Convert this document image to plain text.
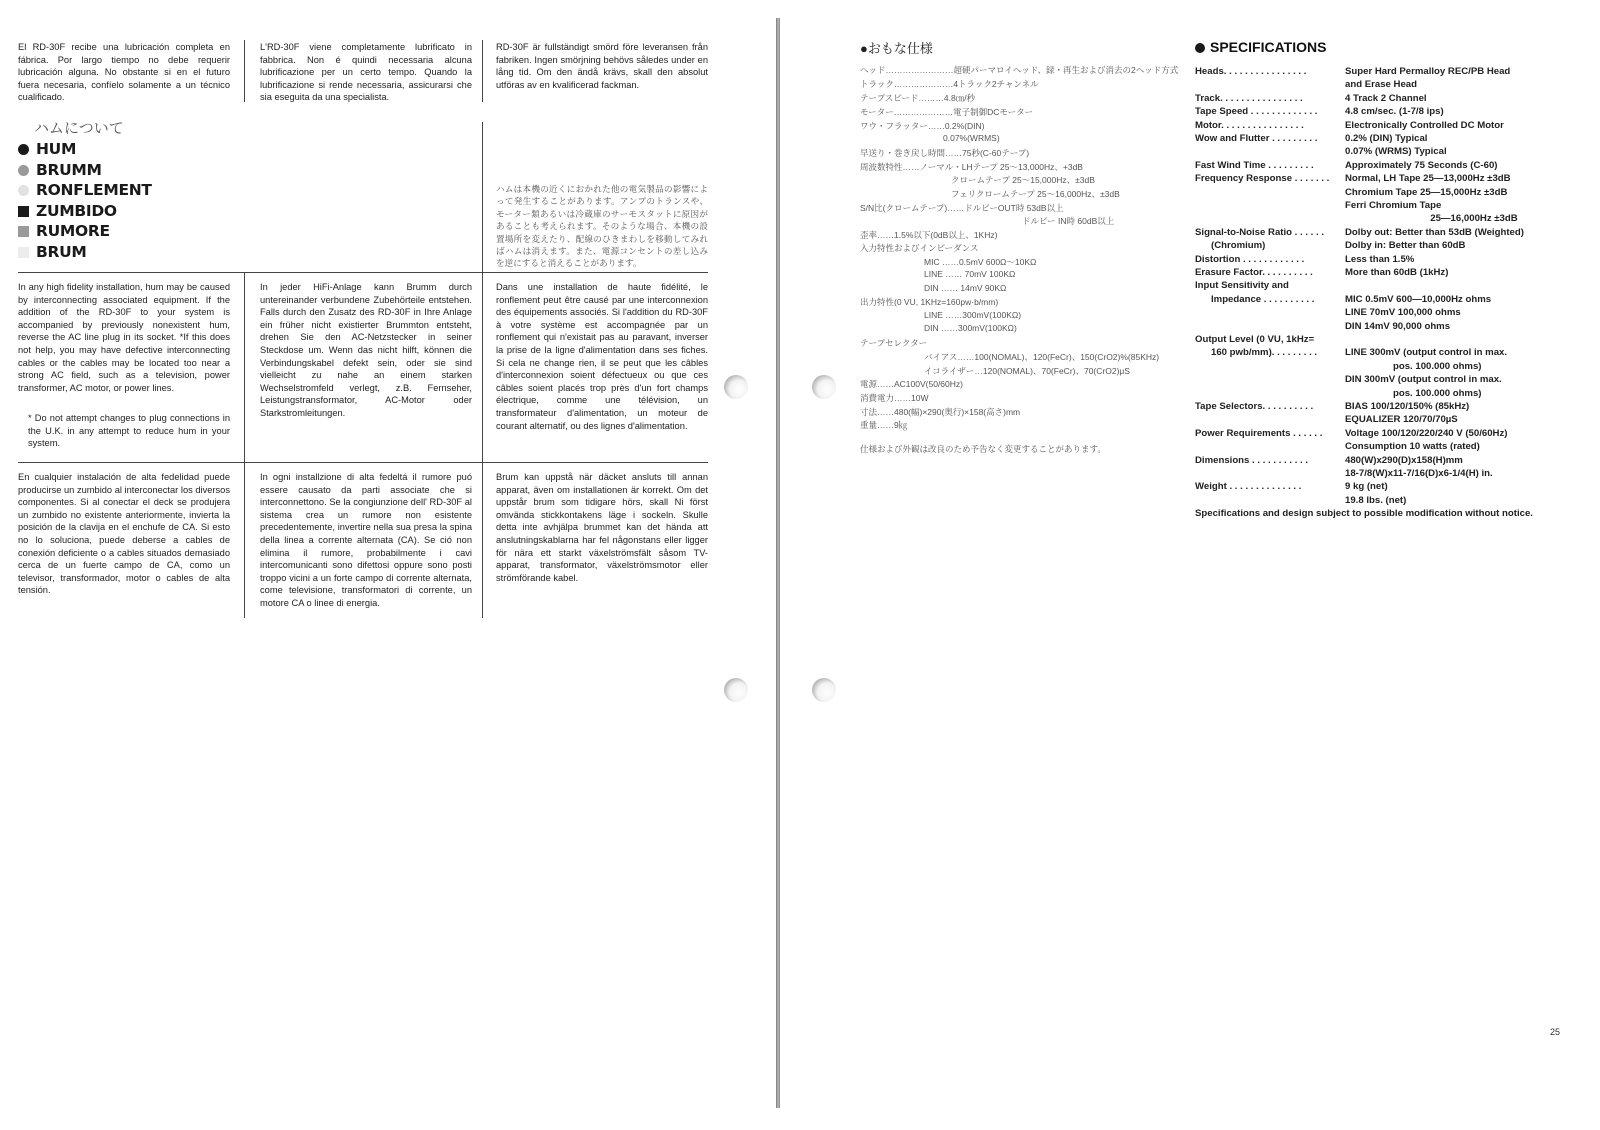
El RD-30F recibe una lubricación completa en fábrica. Por largo tiempo no debe requerir lubricación alguna. No obstante si en el futuro fuera necesaria, confíelo solamente a un técnico cualificado.

L'RD-30F viene completamente lubrificato in fabbrica. Non é quindi necessaria alcuna lubrificazione per un certo tempo. Quando la lubrificazione si rende necessaria, assicurarsi che sia eseguita da una specialista.

RD-30F är fullständigt smörd före leveransen från fabriken. Ingen smörjning behövs således under en lång tid. Om den ändå krävs, skall den absolut utföras av en kvalificerad fackman.

ハムについて
HUM
BRUMM
RONFLEMENT
ZUMBIDO
RUMORE
BRUM

ハムは本機の近くにおかれた他の電気製品の影響によって発生することがあります。アンプのトランスや、モーター類あるいは冷蔵庫のサーモスタットに原因があることも考えられます。そのような場合、本機の設置場所を変えたり、配線のひきまわしを移動してみればハムは消えます。また、電源コンセントの差し込みを逆にすると消えることがあります。

In any high fidelity installation, hum may be caused by interconnecting associated equipment. If the addition of the RD-30F to your system is accompanied by previously nonexistent hum, reverse the AC line plug in its socket. *If this does not help, you may have defective interconnecting cables or the cables may be located too near a strong AC field, such as a television, power transformer, AC motor, or power lines.

* Do not attempt changes to plug connections in the U.K. in any attempt to reduce hum in your system.

In jeder HiFi-Anlage kann Brumm durch untereinander verbundene Zubehörteile entstehen. Falls durch den Zusatz des RD-30F in Ihre Anlage ein früher nicht existierter Brummton entsteht, drehen Sie den AC-Netzstecker in seiner Steckdose um. Wenn das nicht hilft, können die Verbindungskabel defekt sein, oder sie sind vielleicht zu nahe an einem starken Wechselstromfeld verlegt, z.B. Fernseher, Leistungstransformator, AC-Motor oder Starkstromleitungen.

Dans une installation de haute fidélité, le ronflement peut être causé par une interconnexion des équipements associés. Si l'addition du RD-30F à votre système est accompagnée par un ronflement qui n'existait pas au paravant, inverser la prise de la ligne d'alimentation dans ses fiches. Si cela ne change rien, il se peut que les câbles d'interconnexion soient défectueux ou que ces câbles soient placés trop près d'un fort champs électrique, comme une télévision, un transformateur d'alimentation, un moteur de courant alternatif, ou des lignes d'alimentation.

En cualquier instalación de alta fedelidad puede producirse un zumbido al interconectar los diversos componentes. Si al conectar el deck se produjera un zumbido no existente anteriormente, invierta la posición de la clavija en el enchufe de CA. Si esto no lo soluciona, puede deberse a cables de conexión deficiente o a cables situados demasiado cerca de un fuerte campo de CA, como un televisor, transformador, motor o cables de alta tensión.

In ogni installzione di alta fedeltá il rumore puó essere causato da parti associate che si interconnettono. Se la congiunzione dell' RD-30F al sistema crea un rumore non esistente precedentemente, invertire nella sua presa la spina della linea a corrente alternata (CA). Se ció non elimina il rumore, probabilmente i cavi intercomunicanti sono difettosi oppure sono posti troppo vicini a un forte campo di corrente alternata, come televisione, transformatori di corrente, un motore CA o linee di energia.

Brum kan uppstå när däcket ansluts till annan apparat, även om installationen är korrekt. Om det uppstår brum som tidigare hörs, skall Ni först omvända stickkontakens läge i sockeln. Skulle detta inte avhjälpa brummet kan det hända att anslutningskablarna har fel någonstans eller ligger för nära ett starkt växelströmsfält såsom TV-apparat, transformator, växelströmsmotor eller strömförande kabel.

●おもな仕様
ヘッド……………………超硬パーマロイヘッド、録・再生および消去の2ヘッド方式
トラック…………………4トラック2チャンネル
テープスピード………4.8㎝/秒
モーター…………………電子制御DCモーター
ワウ・フラッター……0.2%(DIN)
0.07%(WRMS)
早送り・巻き戻し時間……75秒(C-60テープ)
周波数特性……ノーマル・LHテープ 25～13,000Hz、+3dB
クロームテープ 25～15,000Hz、±3dB
フェリクロームテープ 25～16,000Hz、±3dB
S/N比(クロームテープ)……ドルビーOUT時 53dB以上
ドルビー IN時 60dB以上
歪率……1.5%以下(0dB以上、1KHz)
入力特性およびインピーダンス
MIC ……0.5mV 600Ω～10KΩ
LINE …… 70mV 100KΩ
DIN …… 14mV 90KΩ
出力特性(0 VU, 1KHz=160pw·b/mm)
LINE ……300mV(100KΩ)
DIN ……300mV(100KΩ)
テープセレクター
バイアス……100(NOMAL)、120(FeCr)、150(CrO2)%(85KHz)
イコライザー…120(NOMAL)、70(FeCr)、70(CrO2)μS
電源……AC100V(50/60Hz)
消費電力……10W
寸法……480(幅)×290(奥行)×158(高さ)mm
重量……9㎏
仕様および外観は改良のため予告なく変更することがあります。
SPECIFICATIONS
Heads. . . . . . . . . . . . . . . .	Super Hard Permalloy REC/PB Head
and Erase Head
Track. . . . . . . . . . . . . . . .	4 Track 2 Channel
Tape Speed . . . . . . . . . . . . .	4.8 cm/sec. (1-7/8 ips)
Motor. . . . . . . . . . . . . . . .	Electronically Controlled DC Motor
Wow and Flutter . . . . . . . . .	0.2% (DIN) Typical
0.07% (WRMS) Typical
Fast Wind Time . . . . . . . . .	Approximately 75 Seconds (C-60)
Frequency Response . . . . . . . Normal, LH Tape 25—13,000Hz ±3dB
Chromium Tape 25—15,000Hz ±3dB
Ferri Chromium Tape
25—16,000Hz ±3dB
Signal-to-Noise Ratio . . . . . . Dolby out: Better than 53dB (Weighted)
(Chromium)	Dolby in: Better than 60dB
Distortion . . . . . . . . . . . .	Less than 1.5%
Erasure Factor. . . . . . . . . .	More than 60dB (1kHz)
Input Sensitivity and
Impedance . . . . . . . . . .	MIC 0.5mV 600—10,000Hz ohms
LINE 70mV 100,000 ohms
DIN 14mV 90,000 ohms
Output Level (0 VU, 1kHz=
160 pwb/mm). . . . . . . . .	LINE 300mV (output control in max.
pos. 100.000 ohms)
DIN 300mV (output control in max.
pos. 100.000 ohms)
Tape Selectors. . . . . . . . . .	BIAS 100/120/150% (85kHz)
EQUALIZER 120/70/70µS
Power Requirements . . . . . . Voltage 100/120/220/240 V (50/60Hz)
Consumption 10 watts (rated)
Dimensions . . . . . . . . . . .	480(W)x290(D)x158(H)mm
18-7/8(W)x11-7/16(D)x6-1/4(H) in.
Weight . . . . . . . . . . . . . .	9 kg (net)
19.8 lbs. (net)
Specifications and design subject to possible modification without notice.
25
